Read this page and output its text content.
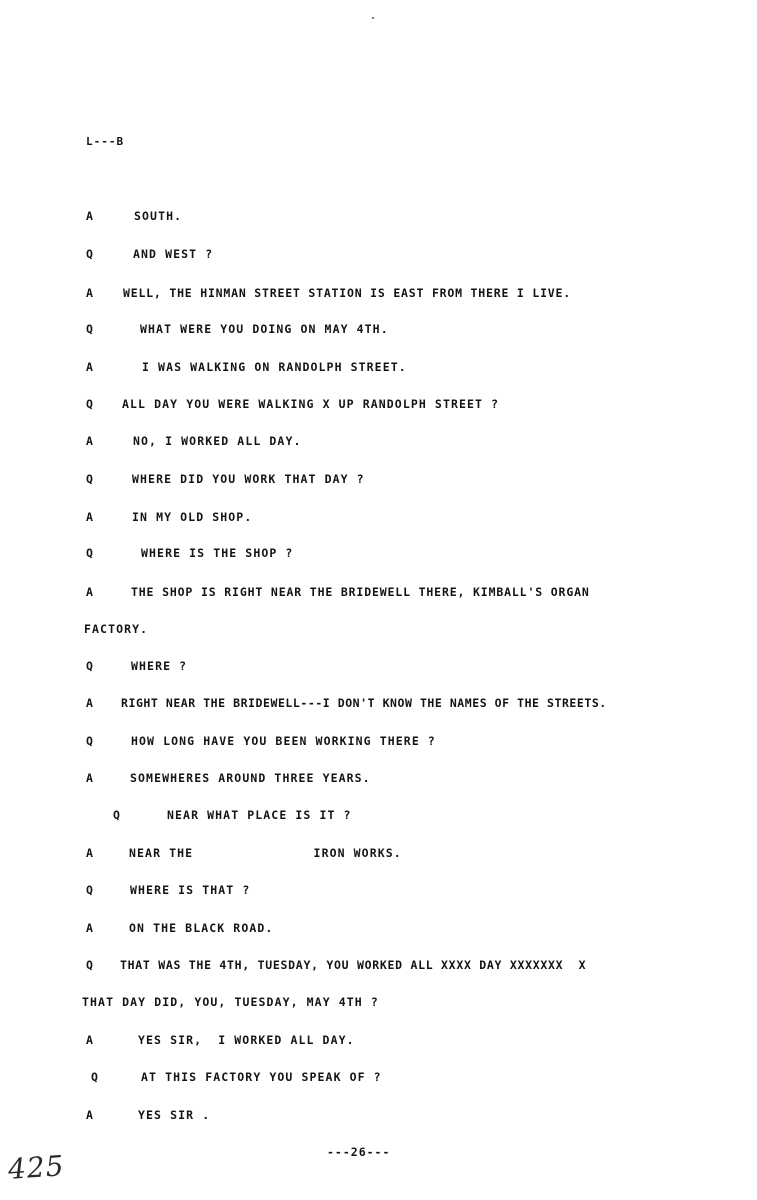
L---B
A	SOUTH.
Q	AND WEST ?
A	WELL, THE HINMAN STREET STATION IS EAST FROM THERE I LIVE.
Q	WHAT WERE YOU DOING ON MAY 4TH.
A	I WAS WALKING ON RANDOLPH STREET.
Q ALL DAY YOU WERE WALKING X UP RANDOLPH STREET ?
A	NO, I WORKED ALL DAY.
Q	WHERE DID YOU WORK THAT DAY ?
A	IN MY OLD SHOP.
Q	WHERE IS THE SHOP ?
A	THE SHOP IS RIGHT NEAR THE BRIDEWELL THERE, KIMBALL'S ORGAN
FACTORY.
Q	WHERE ?
A RIGHT NEAR THE BRIDEWELL---I DON'T KNOW THE NAMES OF THE STREETS.
Q	HOW LONG HAVE YOU BEEN WORKING THERE ?
A	SOMEWHERES AROUND THREE YEARS.
Q	NEAR WHAT PLACE IS IT ?
A	NEAR THE               IRON WORKS.
Q	WHERE IS THAT ?
A	ON THE BLACK ROAD.
Q THAT WAS THE 4TH, TUESDAY, YOU WORKED ALL XXXX DAY XXXXXXX  X
THAT DAY DID, YOU, TUESDAY, MAY 4TH ?
A	YES SIR,  I WORKED ALL DAY.
Q	AT THIS FACTORY YOU SPEAK OF ?
A	YES SIR .
---26---
425
